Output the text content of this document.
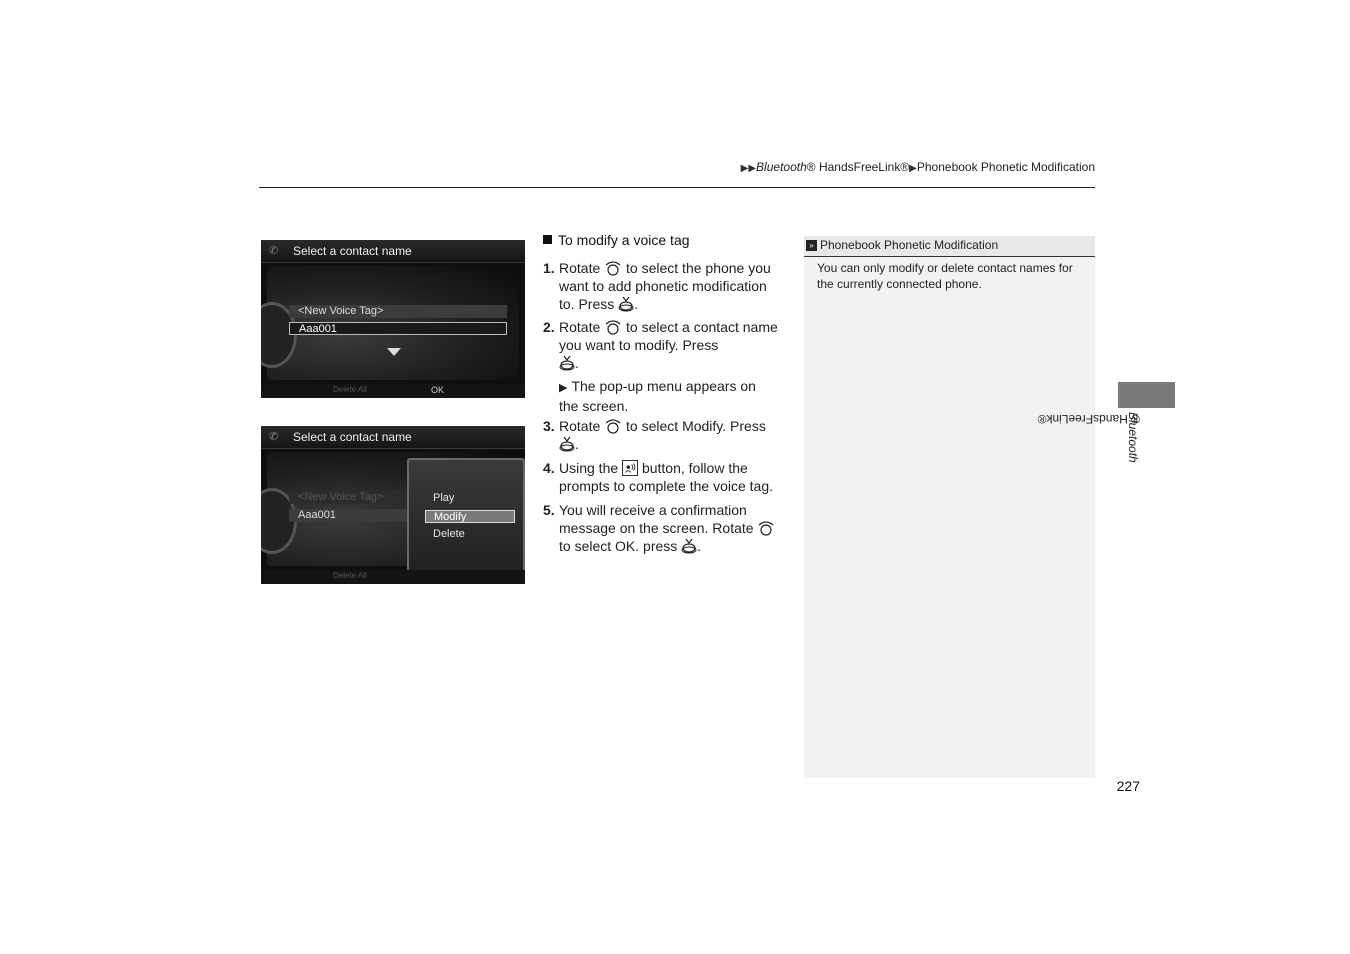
▶▶Bluetooth® HandsFreeLink®▶Phonebook Phonetic Modification
✆	Select a contact name
<New Voice Tag>
Aaa001
Delete All	OK
✆	Select a contact name
<New Voice Tag>
Aaa001
Play
Modify
Delete
Delete All
To modify a voice tag
1. Rotate to select the phone you want to add phonetic modification to. Press .
2. Rotate to select a contact name you want to modify. Press
.
▶ The pop-up menu appears on the screen.
3. Rotate to select Modify. Press
.
4. Using the button, follow the prompts to complete the voice tag.
5. You will receive a confirmation message on the screen. Rotate  to select OK. press .
» Phonebook Phonetic Modification
You can only modify or delete contact names for the currently connected phone.
Bluetooth
® HandsFreeLink®
227
